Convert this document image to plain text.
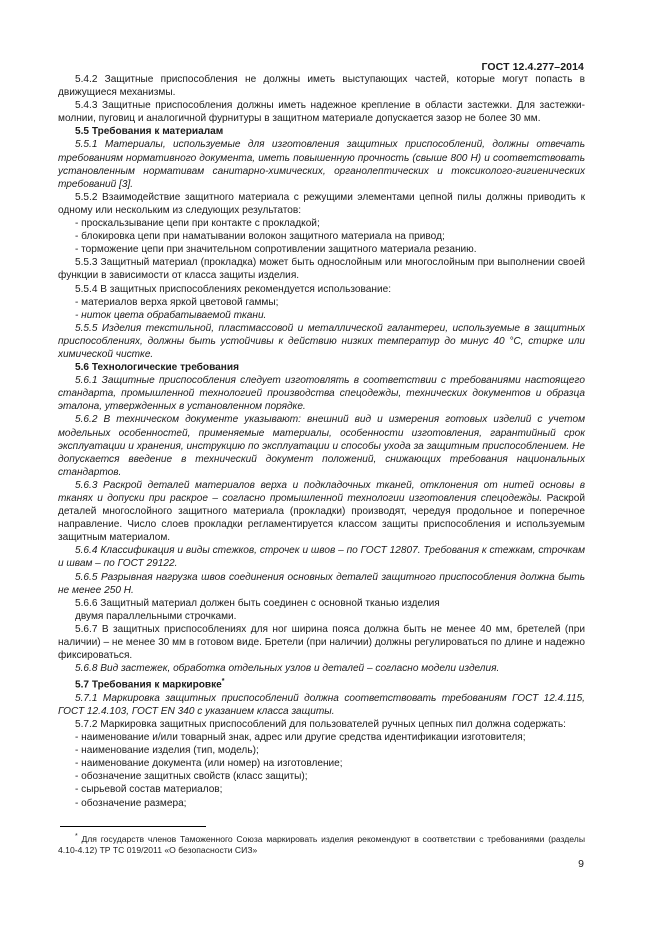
ГОСТ 12.4.277–2014
5.4.2 Защитные приспособления не должны иметь выступающих частей, которые могут попасть в движущиеся механизмы.
5.4.3 Защитные приспособления должны иметь надежное крепление в области застежки. Для застежки-молнии, пуговиц и аналогичной фурнитуры в защитном материале допускается зазор не более 30 мм.
5.5 Требования к материалам
5.5.1 Материалы, используемые для изготовления защитных приспособлений, должны отвечать требованиям нормативного документа, иметь повышенную прочность (свыше 800 Н) и соответствовать установленным нормативам санитарно-химических, органолептических и токсиколого-гигиенических требований [3].
5.5.2 Взаимодействие защитного материала с режущими элементами цепной пилы должны приводить к одному или нескольким из следующих результатов:
- проскальзывание цепи при контакте с прокладкой;
- блокировка цепи при наматывании волокон защитного материала на привод;
- торможение цепи при значительном сопротивлении защитного материала резанию.
5.5.3 Защитный материал (прокладка) может быть однослойным или многослойным при выполнении своей функции в зависимости от класса защиты изделия.
5.5.4 В защитных приспособлениях рекомендуется использование:
- материалов верха яркой цветовой гаммы;
- ниток цвета обрабатываемой ткани.
5.5.5 Изделия текстильной, пластмассовой и металлической галантереи, используемые в защитных приспособлениях, должны быть устойчивы к действию низких температур до минус 40 °С, стирке или химической чистке.
5.6 Технологические требования
5.6.1 Защитные приспособления следует изготовлять в соответствии с требованиями настоящего стандарта, промышленной технологией производства спецодежды, технических документов и образца эталона, утвержденных в установленном порядке.
5.6.2 В техническом документе указывают: внешний вид и измерения готовых изделий с учетом модельных особенностей, применяемые материалы, особенности изготовления, гарантийный срок эксплуатации и хранения, инструкцию по эксплуатации и способы ухода за защитным приспособлением. Не допускается введение в технический документ положений, снижающих требования национальных стандартов.
5.6.3 Раскрой деталей материалов верха и подкладочных тканей, отклонения от нитей основы в тканях и допуски при раскрое – согласно промышленной технологии изготовления спецодежды. Раскрой деталей многослойного защитного материала (прокладки) производят, чередуя продольное и поперечное направление. Число слоев прокладки регламентируется классом защиты приспособления и используемым защитным материалом.
5.6.4 Классификация и виды стежков, строчек и швов – по ГОСТ 12807. Требования к стежкам, строчкам и швам – по ГОСТ 29122.
5.6.5 Разрывная нагрузка швов соединения основных деталей защитного приспособления должна быть не менее 250 Н.
5.6.6 Защитный материал должен быть соединен с основной тканью изделия
двумя параллельными строчками.
5.6.7 В защитных приспособлениях для ног ширина пояса должна быть не менее 40 мм, бретелей (при наличии) – не менее 30 мм в готовом виде. Бретели (при наличии) должны регулироваться по длине и надежно фиксироваться.
5.6.8 Вид застежек, обработка отдельных узлов и деталей – согласно модели изделия.
5.7 Требования к маркировке*
5.7.1 Маркировка защитных приспособлений должна соответствовать требованиям ГОСТ 12.4.115, ГОСТ 12.4.103, ГОСТ EN 340 с указанием класса защиты.
5.7.2 Маркировка защитных приспособлений для пользователей ручных цепных пил должна содержать:
- наименование и/или товарный знак, адрес или другие средства идентификации изготовителя;
- наименование изделия (тип, модель);
- наименование документа (или номер) на изготовление;
- обозначение защитных свойств (класс защиты);
- сырьевой состав материалов;
- обозначение размера;
* Для государств членов Таможенного Союза маркировать изделия рекомендуют в соответствии с требованиями (разделы 4.10-4.12) ТР ТС 019/2011 «О безопасности СИЗ»
9
